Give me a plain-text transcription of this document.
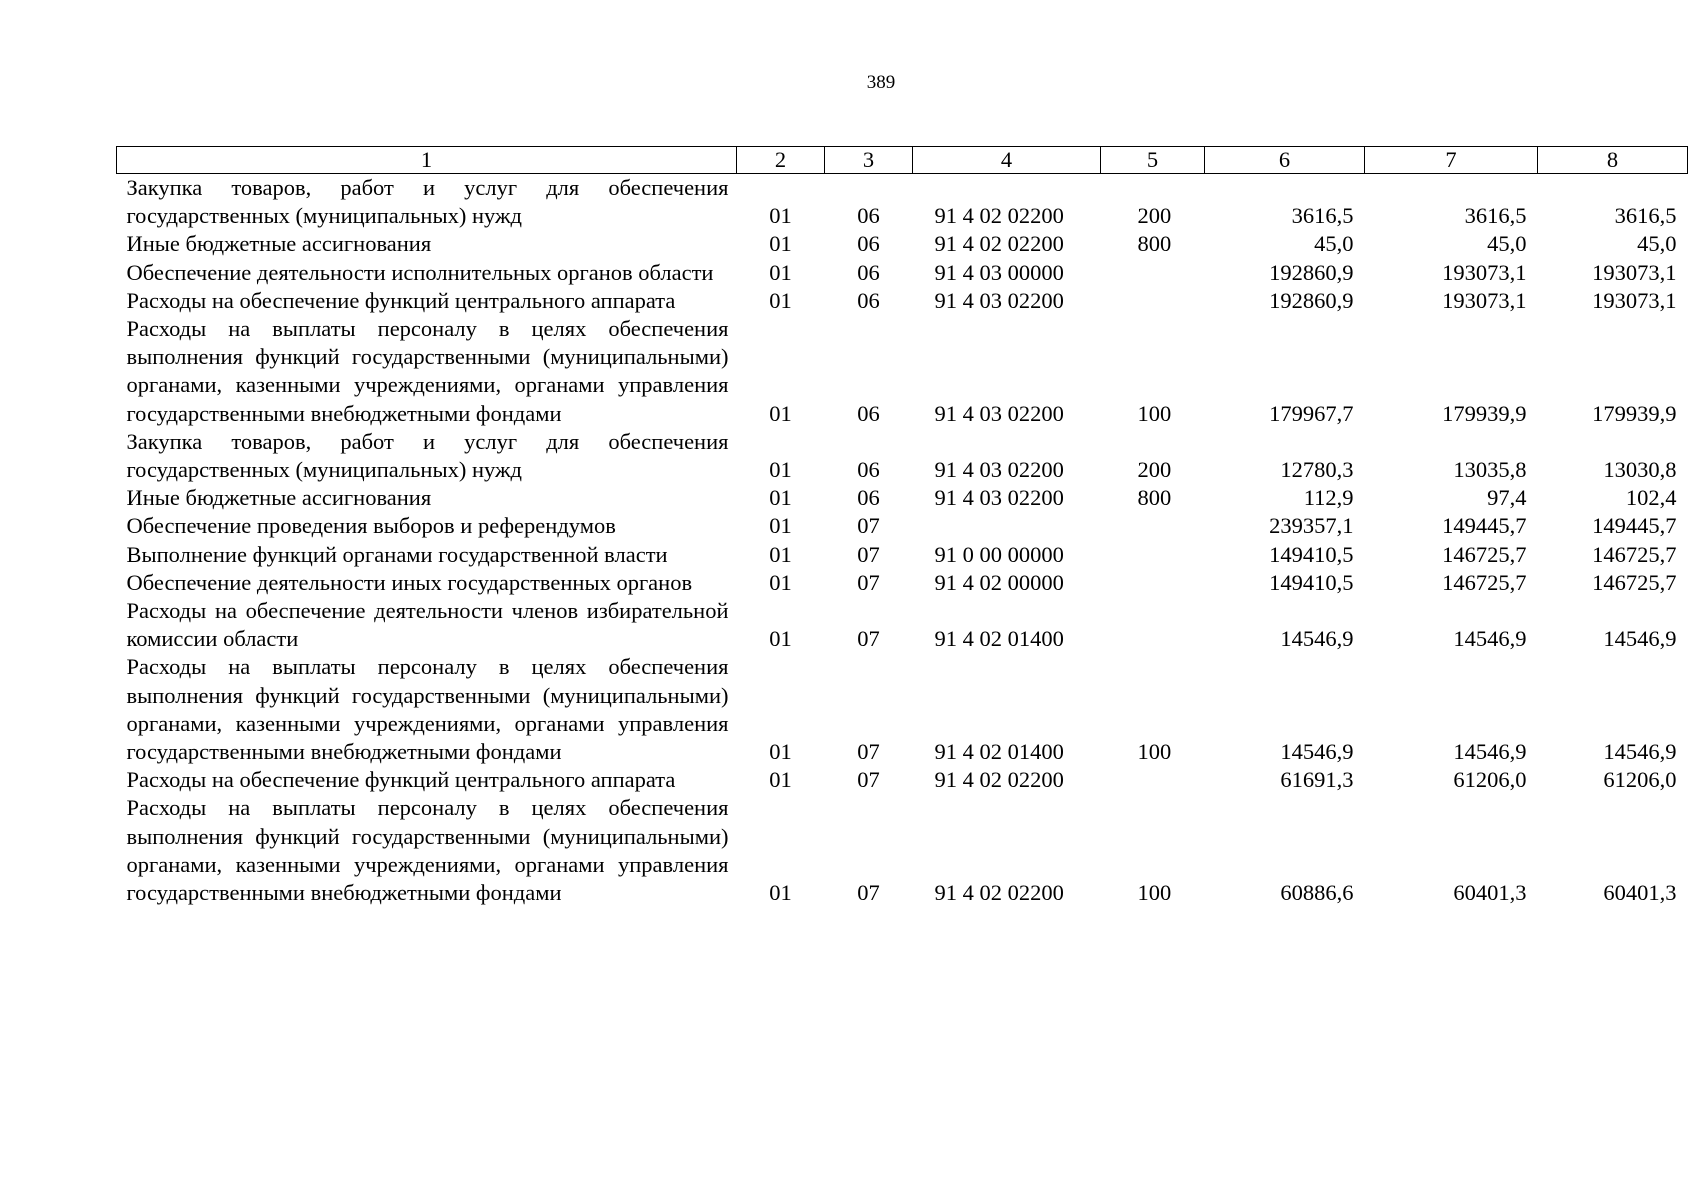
389
1	2	3	4	5	6	7	8
Закупка товаров, работ и услуг для обеспечения государственных (муниципальных) нужд	01	06	91 4 02 02200	200	3616,5	3616,5	3616,5
Иные бюджетные ассигнования	01	06	91 4 02 02200	800	45,0	45,0	45,0
Обеспечение деятельности исполнительных органов области	01	06	91 4 03 00000		192860,9	193073,1	193073,1
Расходы на обеспечение функций центрального аппарата	01	06	91 4 03 02200		192860,9	193073,1	193073,1
Расходы на выплаты персоналу в целях обеспечения выполнения функций государственными (муниципальными) органами, казенными учреждениями, органами управления государственными внебюджетными фондами	01	06	91 4 03 02200	100	179967,7	179939,9	179939,9
Закупка товаров, работ и услуг для обеспечения государственных (муниципальных) нужд	01	06	91 4 03 02200	200	12780,3	13035,8	13030,8
Иные бюджетные ассигнования	01	06	91 4 03 02200	800	112,9	97,4	102,4
Обеспечение проведения выборов и референдумов	01	07			239357,1	149445,7	149445,7
Выполнение функций органами государственной власти	01	07	91 0 00 00000		149410,5	146725,7	146725,7
Обеспечение деятельности иных государственных органов	01	07	91 4 02 00000		149410,5	146725,7	146725,7
Расходы на обеспечение деятельности членов избирательной комиссии области	01	07	91 4 02 01400		14546,9	14546,9	14546,9
Расходы на выплаты персоналу в целях обеспечения выполнения функций государственными (муниципальными) органами, казенными учреждениями, органами управления государственными внебюджетными фондами	01	07	91 4 02 01400	100	14546,9	14546,9	14546,9
Расходы на обеспечение функций центрального аппарата	01	07	91 4 02 02200		61691,3	61206,0	61206,0
Расходы на выплаты персоналу в целях обеспечения выполнения функций государственными (муниципальными) органами, казенными учреждениями, органами управления государственными внебюджетными фондами	01	07	91 4 02 02200	100	60886,6	60401,3	60401,3
